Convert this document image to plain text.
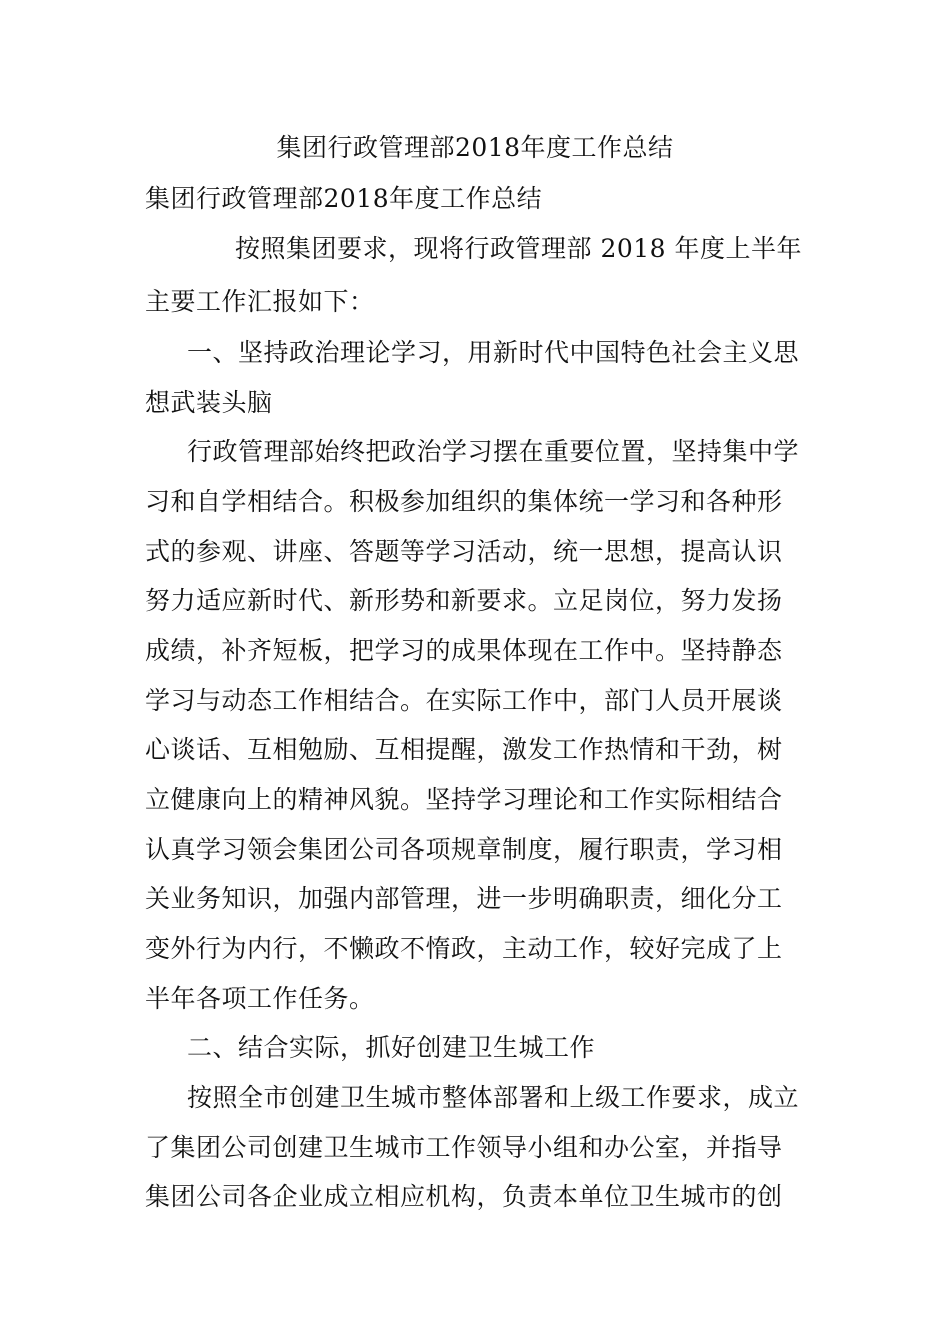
集团行政管理部2018年度工作总结
集团行政管理部2018年度工作总结
按照集团要求，现将行政管理部 2018 年度上半年
主要工作汇报如下：
一、坚持政治理论学习，用新时代中国特色社会主义思
想武装头脑
行政管理部始终把政治学习摆在重要位置，坚持集中学
习和自学相结合。积极参加组织的集体统一学习和各种形
式的参观、讲座、答题等学习活动，统一思想，提高认识
努力适应新时代、新形势和新要求。立足岗位，努力发扬
成绩，补齐短板，把学习的成果体现在工作中。坚持静态
学习与动态工作相结合。在实际工作中，部门人员开展谈
心谈话、互相勉励、互相提醒，激发工作热情和干劲，树
立健康向上的精神风貌。坚持学习理论和工作实际相结合
认真学习领会集团公司各项规章制度，履行职责，学习相
关业务知识，加强内部管理，进一步明确职责，细化分工
变外行为内行，不懒政不惰政，主动工作，较好完成了上
半年各项工作任务。
二、结合实际，抓好创建卫生城工作
按照全市创建卫生城市整体部署和上级工作要求，成立
了集团公司创建卫生城市工作领导小组和办公室，并指导
集团公司各企业成立相应机构，负责本单位卫生城市的创
